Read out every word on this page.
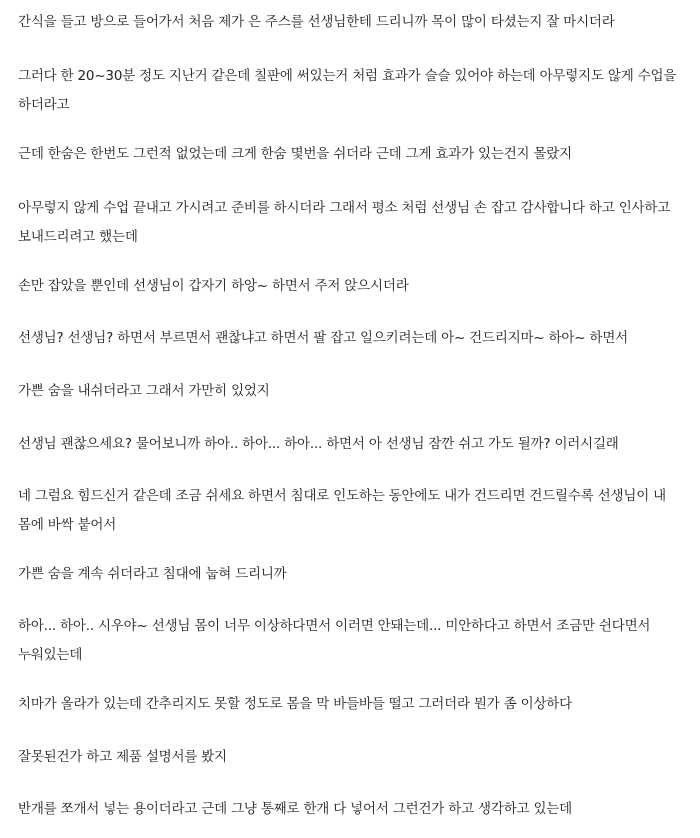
간식을 들고 방으로 들어가서 처음 제가 은 주스를 선생님한테 드리니까 목이 많이 타셨는지 잘 마시더라

그러다 한 20~30분 정도 지난거 같은데 칠판에 써있는거 처럼 효과가 슬슬 있어야 하는데 아무렇지도 않게 수업을 하더라고

근데 한숨은 한번도 그런적 없었는데 크게 한숨 몇번을 쉬더라 근데 그게 효과가 있는건지 몰랐지

아무렇지 않게 수업 끝내고 가시려고 준비를 하시더라 그래서 평소 처럼 선생님 손 잡고 감사합니다 하고 인사하고 보내드리려고 했는데

손만 잡았을 뿐인데 선생님이 갑자기 하앙~ 하면서 주저 앉으시더라

선생님? 선생님? 하면서 부르면서 괜찮냐고 하면서 팔 잡고 일으키려는데 아~ 건드리지마~ 하아~ 하면서

가쁜 숨을 내쉬더라고 그래서 가만히 있었지

선생님 괜찮으세요? 물어보니까 하아.. 하아... 하아... 하면서 아 선생님 잠깐 쉬고 가도 될까? 이러시길래

네 그럼요 힘드신거 같은데 조금 쉬세요 하면서 침대로 인도하는 동안에도 내가 건드리면 건드릴수록 선생님이 내 몸에 바싹 붙어서

가쁜 숨을 계속 쉬더라고 침대에 눕혀 드리니까

하아... 하아.. 시우야~ 선생님 몸이 너무 이상하다면서 이러면 안돼는데... 미안하다고 하면서 조금만 쉰다면서 누워있는데

치마가 올라가 있는데 간추리지도 못할 정도로 몸을 막 바들바들 떨고 그러더라 뭔가 좀 이상하다

잘못된건가 하고 제품 설명서를 봤지

반개를 쪼개서 넣는 용이더라고 근데 그냥 통째로 한개 다 넣어서 그런건가 하고 생각하고 있는데
